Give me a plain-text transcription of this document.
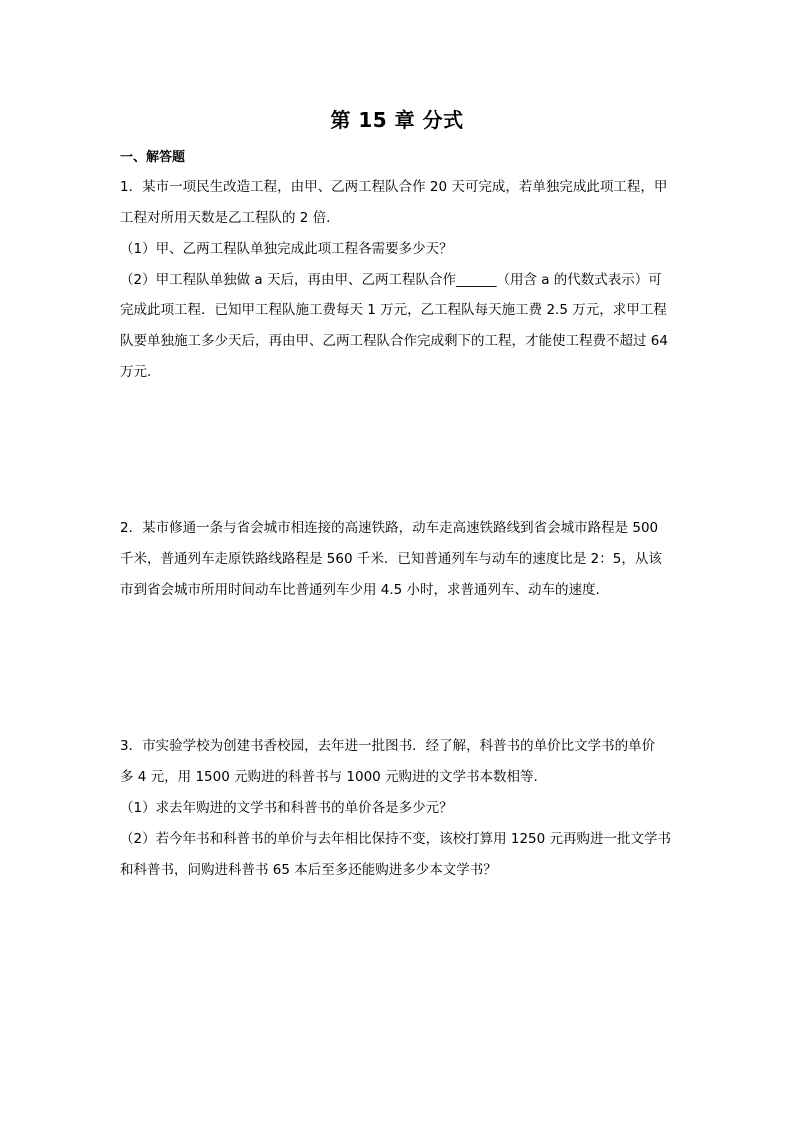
第 15 章 分式
一、解答题
1．某市一项民生改造工程，由甲、乙两工程队合作 20 天可完成，若单独完成此项工程，甲
工程对所用天数是乙工程队的 2 倍.
（1）甲、乙两工程队单独完成此项工程各需要多少天？
（2）甲工程队单独做 a 天后，再由甲、乙两工程队合作______（用含 a 的代数式表示）可
完成此项工程．已知甲工程队施工费每天 1 万元，乙工程队每天施工费 2.5 万元，求甲工程
队要单独施工多少天后，再由甲、乙两工程队合作完成剩下的工程，才能使工程费不超过 64
万元.
2．某市修通一条与省会城市相连接的高速铁路，动车走高速铁路线到省会城市路程是 500
千米，普通列车走原铁路线路程是 560 千米．已知普通列车与动车的速度比是 2：5，从该
市到省会城市所用时间动车比普通列车少用 4.5 小时，求普通列车、动车的速度.
3．市实验学校为创建书香校园，去年进一批图书．经了解，科普书的单价比文学书的单价
多 4 元，用 1500 元购进的科普书与 1000 元购进的文学书本数相等.
（1）求去年购进的文学书和科普书的单价各是多少元？
（2）若今年书和科普书的单价与去年相比保持不变，该校打算用 1250 元再购进一批文学书
和科普书，问购进科普书 65 本后至多还能购进多少本文学书？
